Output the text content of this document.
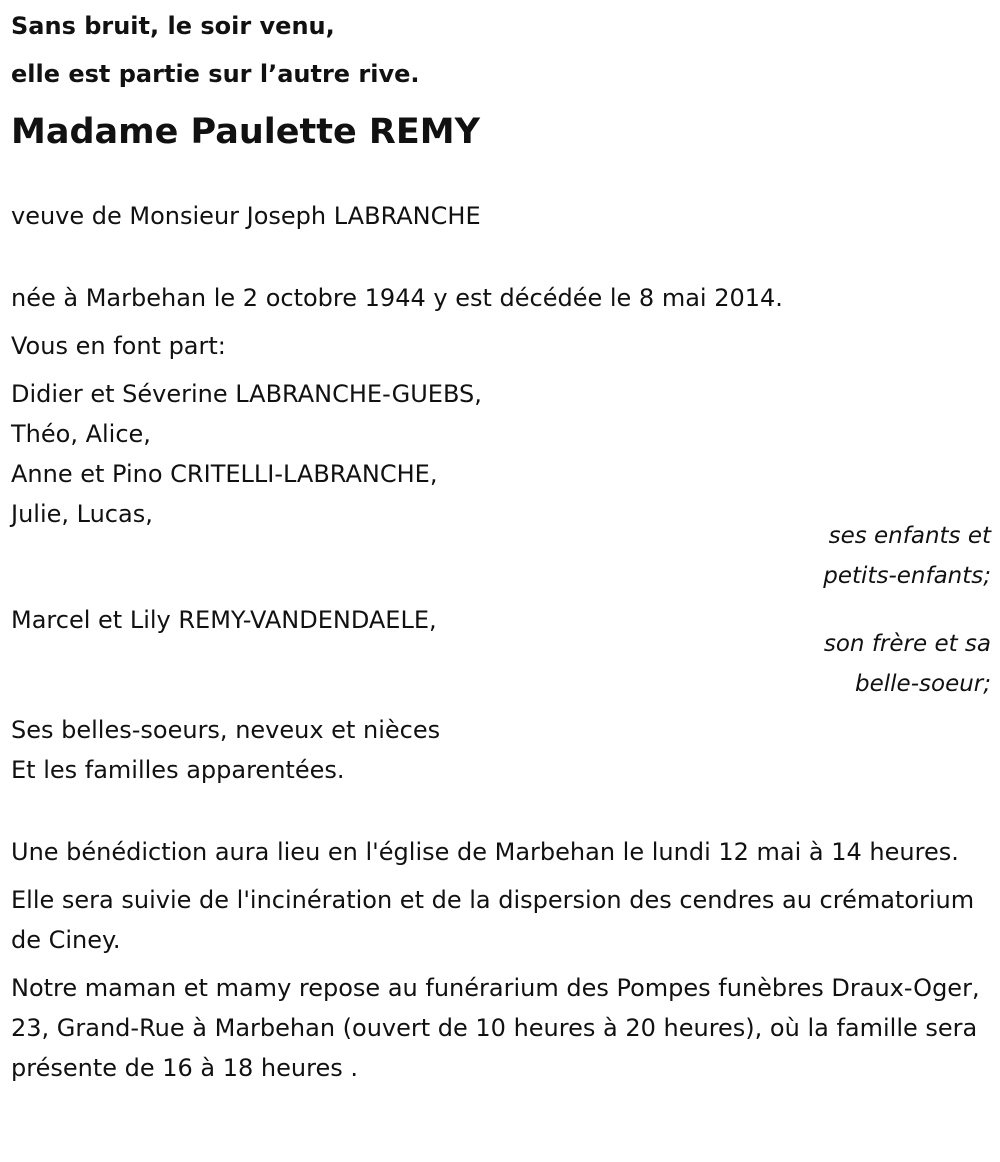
Sans bruit, le soir venu,
elle est partie sur l’autre rive.
Madame Paulette REMY
veuve de Monsieur Joseph LABRANCHE
née à Marbehan le 2 octobre 1944 y est décédée le 8 mai 2014.
Vous en font part:
Didier et Séverine LABRANCHE-GUEBS,
Théo, Alice,
Anne et Pino CRITELLI-LABRANCHE,
Julie, Lucas,
ses enfants et
petits-enfants;
Marcel et Lily REMY-VANDENDAELE,
son frère et sa
belle-soeur;
Ses belles-soeurs, neveux et nièces
Et les familles apparentées.
Une bénédiction aura lieu en l'église de Marbehan le lundi 12 mai à 14 heures.
Elle sera suivie de l'incinération et de la dispersion des cendres au crématorium de Ciney.
Notre maman et mamy repose au funérarium des Pompes funèbres Draux-Oger, 23, Grand-Rue à Marbehan (ouvert de 10 heures à 20 heures), où la famille sera présente de 16 à 18 heures .
